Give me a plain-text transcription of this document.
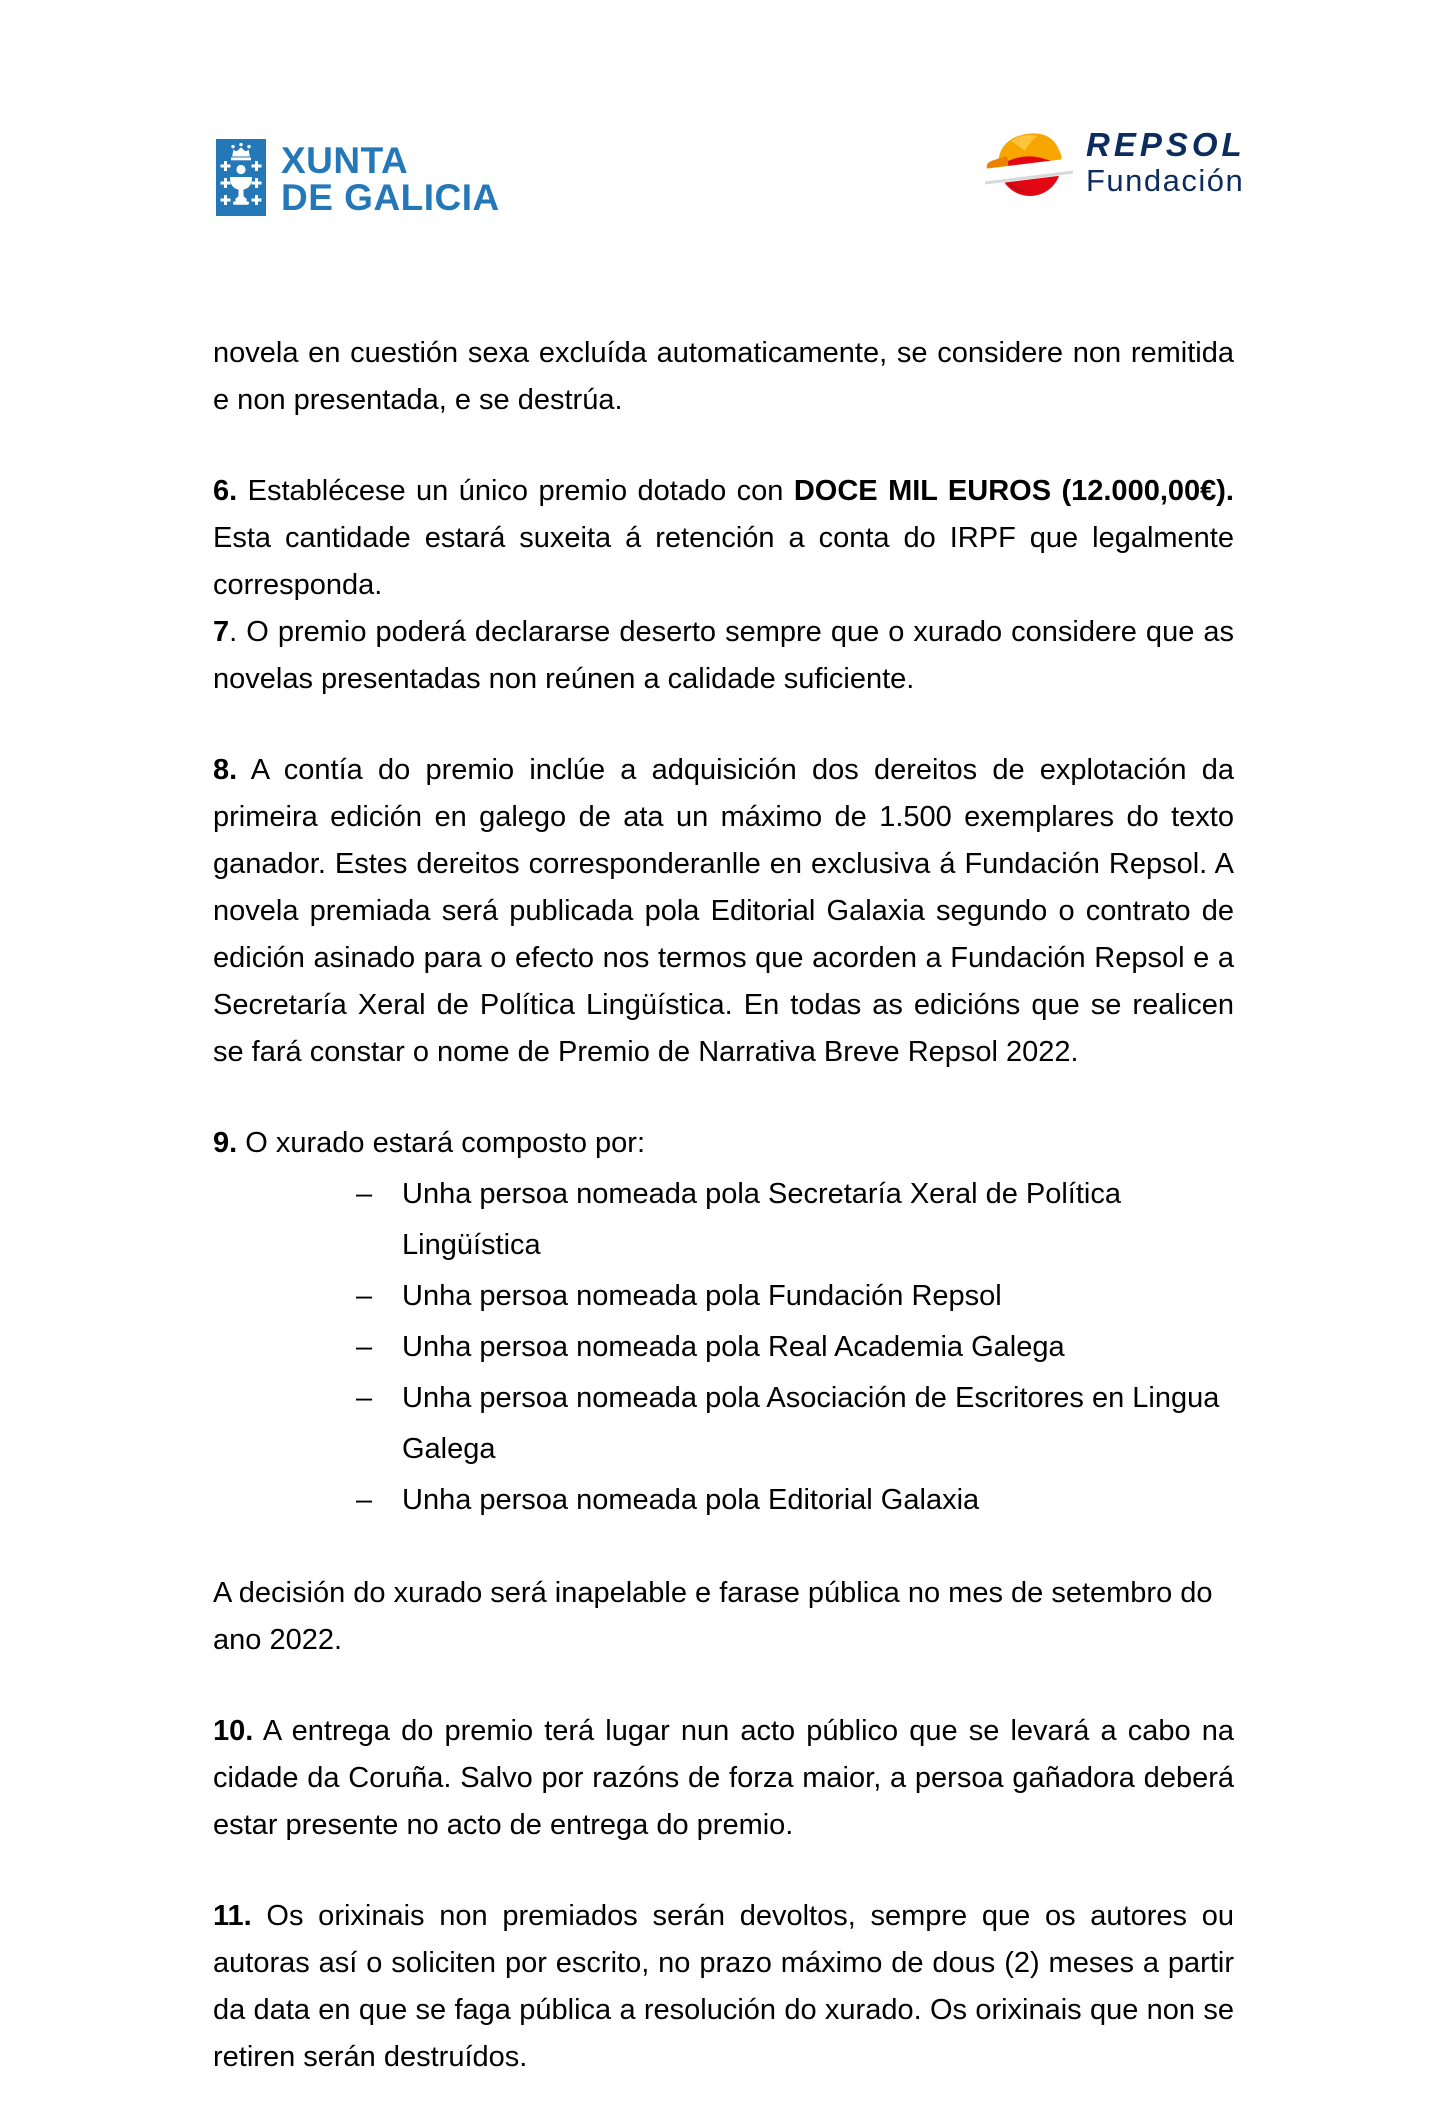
XUNTA
DE GALICIA
REPSOL
Fundación

novela en cuestión sexa excluída automaticamente, se considere non remitida e non presentada, e se destrúa.

6. Establécese un único premio dotado con DOCE MIL EUROS (12.000,00€). Esta cantidade estará suxeita á retención a conta do IRPF que legalmente corresponda.

7. O premio poderá declararse deserto sempre que o xurado considere que as novelas presentadas non reúnen a calidade suficiente.

8. A contía do premio inclúe a adquisición dos dereitos de explotación da primeira edición en galego de ata un máximo de 1.500 exemplares do texto ganador. Estes dereitos corresponderanlle en exclusiva á Fundación Repsol. A novela premiada será publicada pola Editorial Galaxia segundo o contrato de edición asinado para o efecto nos termos que acorden a Fundación Repsol e a Secretaría Xeral de Política Lingüística. En todas as edicións que se realicen se fará constar o nome de Premio de Narrativa Breve Repsol 2022.

9. O xurado estará composto por:

–	Unha persoa nomeada pola Secretaría Xeral de Política Lingüística
–	Unha persoa nomeada pola Fundación Repsol
–	Unha persoa nomeada pola Real Academia Galega
–	Unha persoa nomeada pola Asociación de Escritores en Lingua Galega
–	Unha persoa nomeada pola Editorial Galaxia

A decisión do xurado será inapelable e farase pública no mes de setembro do ano 2022.

10. A entrega do premio terá lugar nun acto público que se levará a cabo na cidade da Coruña. Salvo por razóns de forza maior, a persoa gañadora deberá estar presente no acto de entrega do premio.

11. Os orixinais non premiados serán devoltos, sempre que os autores ou autoras así o soliciten por escrito, no prazo máximo de dous (2) meses a partir da data en que se faga pública a resolución do xurado. Os orixinais que non se retiren serán destruídos.
